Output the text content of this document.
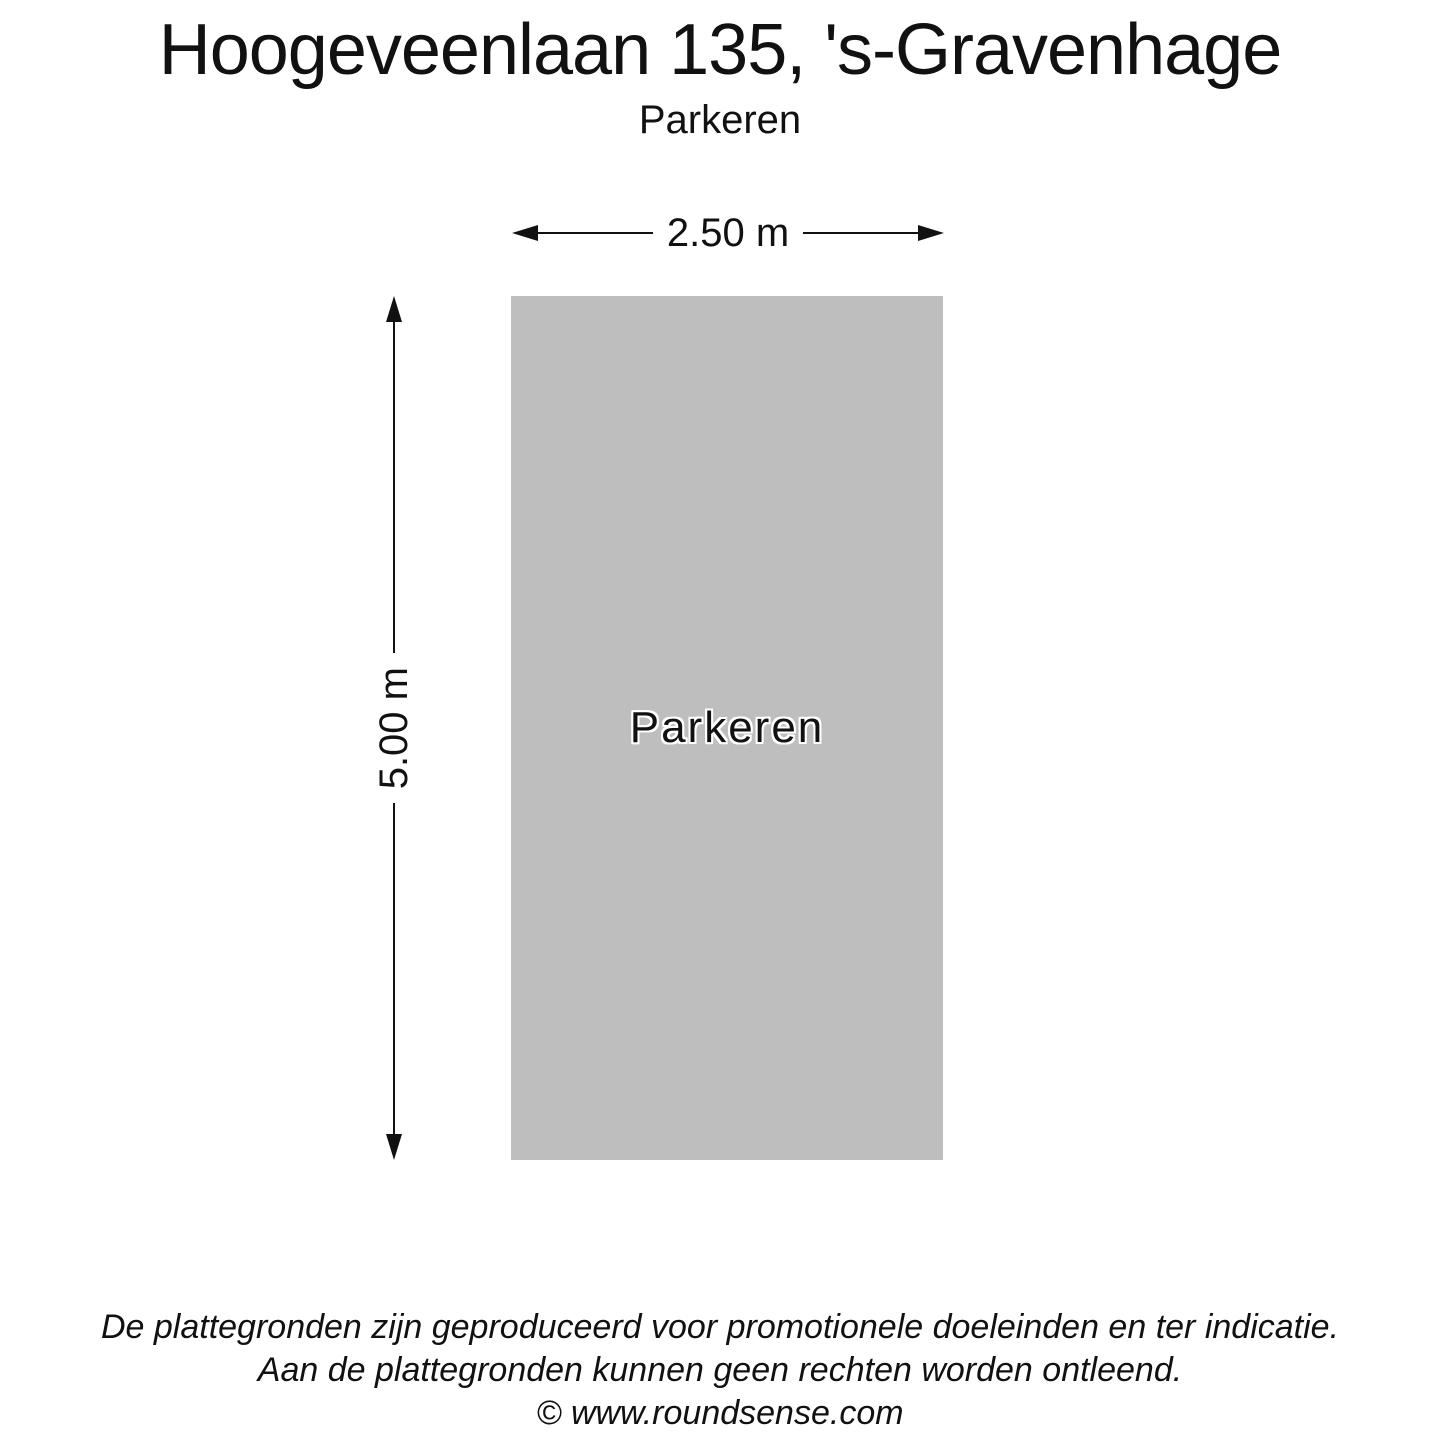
Hoogeveenlaan 135, 's-Gravenhage
Parkeren
2.50 m
5.00 m	Parkeren
De plattegronden zijn geproduceerd voor promotionele doeleinden en ter indicatie.
Aan de plattegronden kunnen geen rechten worden ontleend.
© www.roundsense.com
